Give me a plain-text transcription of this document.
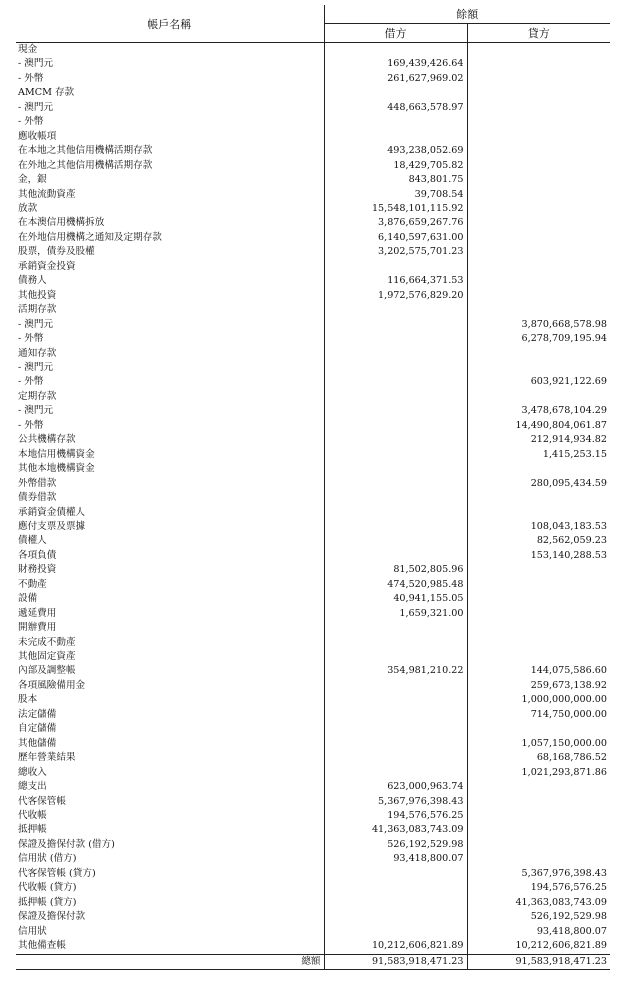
帳戶名稱	餘額	
	借方	貸方
現金		
- 澳門元	169,439,426.64	
- 外幣	261,627,969.02	
AMCM 存款		
- 澳門元	448,663,578.97	
- 外幣		
應收帳項		
在本地之其他信用機構活期存款	493,238,052.69	
在外地之其他信用機構活期存款	18,429,705.82	
金，銀	843,801.75	
其他流動資產	39,708.54	
放款	15,548,101,115.92	
在本澳信用機構拆放	3,876,659,267.76	
在外地信用機構之通知及定期存款	6,140,597,631.00	
股票，債券及股權	3,202,575,701.23	
承銷資金投資		
債務人	116,664,371.53	
其他投資	1,972,576,829.20	
活期存款		
- 澳門元		3,870,668,578.98
- 外幣		6,278,709,195.94
通知存款		
- 澳門元		
- 外幣		603,921,122.69
定期存款		
- 澳門元		3,478,678,104.29
- 外幣		14,490,804,061.87
公共機構存款		212,914,934.82
本地信用機構資金		1,415,253.15
其他本地機構資金		
外幣借款		280,095,434.59
債券借款		
承銷資金債權人		
應付支票及票據		108,043,183.53
債權人		82,562,059.23
各項負債		153,140,288.53
財務投資	81,502,805.96	
不動產	474,520,985.48	
設備	40,941,155.05	
遞延費用	1,659,321.00	
開辦費用		
未完成不動產		
其他固定資產		
內部及調整帳	354,981,210.22	144,075,586.60
各項風險備用金		259,673,138.92
股本		1,000,000,000.00
法定儲備		714,750,000.00
自定儲備		
其他儲備		1,057,150,000.00
歷年營業結果		68,168,786.52
總收入		1,021,293,871.86
總支出	623,000,963.74	
代客保管帳	5,367,976,398.43	
代收帳	194,576,576.25	
抵押帳	41,363,083,743.09	
保證及擔保付款 (借方)	526,192,529.98	
信用狀 (借方)	93,418,800.07	
代客保管帳 (貸方)		5,367,976,398.43
代收帳 (貸方)		194,576,576.25
抵押帳 (貸方)		41,363,083,743.09
保證及擔保付款		526,192,529.98
信用狀		93,418,800.07
其他備查帳	10,212,606,821.89	10,212,606,821.89
總額	91,583,918,471.23	91,583,918,471.23
